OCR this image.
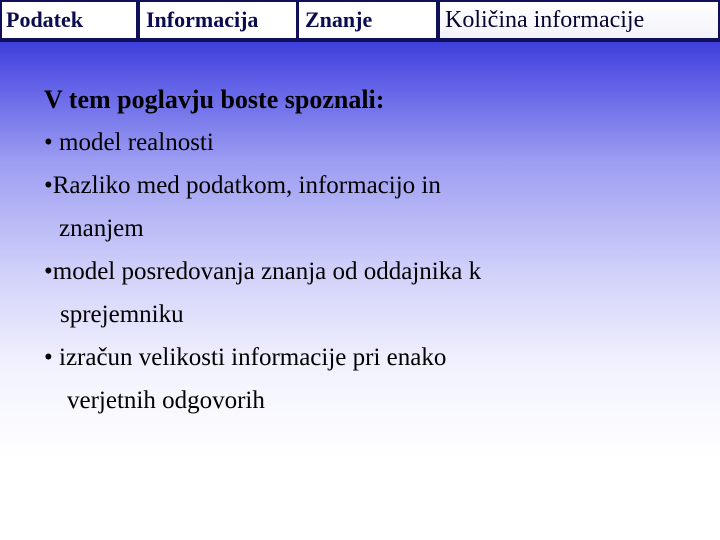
Podatek	Informacija Znanje	Količina informacije
V tem poglavju boste spoznali:
• model realnosti
•Razliko med podatkom, informacijo in
znanjem
•model posredovanja znanja od oddajnika k
sprejemniku
• izračun velikosti informacije pri enako
verjetnih odgovorih
